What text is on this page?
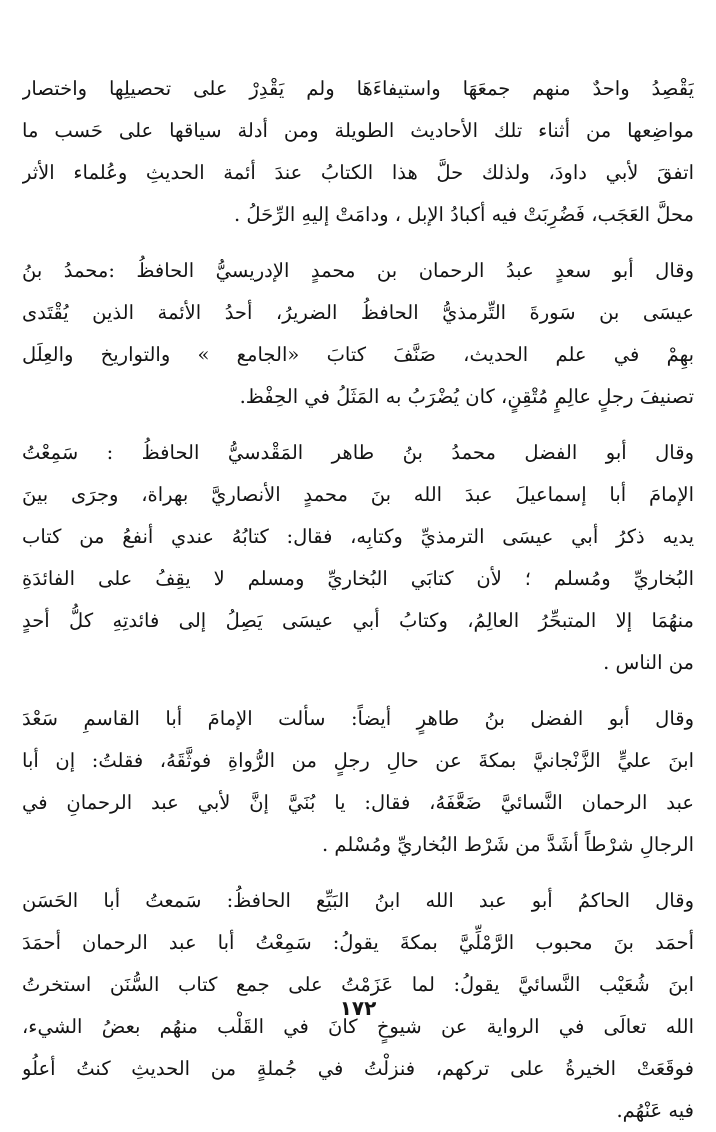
يَقْصِدُ واحدٌ منهم جمعَهَا واستيفاءَهَا ولم يَقْدِرْ على تحصيلِها واختصار
مواضِعها من أثناء تلك الأحاديث الطويلة ومن أدلة سياقها على حَسب ما
اتفقَ لأبي داودَ، ولذلك حلَّ هذا الكتابُ عندَ أئمة الحديثِ وعُلماء الأثر
محلَّ العَجَب، فَضُرِبَتْ فيه أكبادُ الإبل ، ودامَتْ إليهِ الرِّحَلُ .
وقال أبو سعدٍ عبدُ الرحمان بن محمدٍ الإدريسيُّ الحافظُ :محمدُ بنُ
عيسَى بن سَورةَ التِّرمذيُّ الحافظُ الضريرُ، أحدُ الأئمة الذين يُقْتَدى
بهِمْ في علم الحديث، صَنَّفَ كتابَ «الجامع » والتواريخ والعِلَل
تصنيفَ رجلٍ عالِمٍ مُتْقِنٍ، كان يُضْرَبُ به المَثَلُ في الحِفْظ.
وقال أبو الفضل محمدُ بنُ طاهر المَقْدسيُّ الحافظُ : سَمِعْتُ
الإمامَ أبا إسماعيلَ عبدَ الله بنَ محمدٍ الأنصاريَّ بهراة، وجرَى بينَ
يديه ذكرُ أبي عيسَى الترمذيِّ وكتابِه، فقال: كتابُهُ عندي أنفعُ من كتاب
البُخاريِّ ومُسلم ؛ لأن كتابَي البُخاريِّ ومسلم لا يقِفُ على الفائدَةِ
منهُمَا إلا المتبحِّرُ العالِمُ، وكتابُ أبي عيسَى يَصِلُ إلى فائدتِهِ كلُّ أحدٍ
من الناس .
وقال أبو الفضل بنُ طاهرٍ أيضاً: سألت الإمامَ أبا القاسمِ سَعْدَ
ابنَ عليٍّ الزَّنْجانيَّ بمكةَ عن حالِ رجلٍ من الرُّواةِ فوثَّقَهُ، فقلتُ: إن أبا
عبد الرحمان النَّسائيَّ ضَعَّفَهُ، فقال: يا بُنَيَّ إنَّ لأبي عبد الرحمانِ في
الرجالِ شرْطاً أشَدَّ من شَرْط البُخاريِّ ومُسْلم .
وقال الحاكمُ أبو عبد الله ابنُ البَيِّع الحافظُ: سَمعتُ أبا الحَسَن
أحمَد بنَ محبوب الرَّمْلِّيَّ بمكةَ يقولُ: سَمِعْتُ أبا عبد الرحمان أحمَدَ
ابنَ شُعَيْب النَّسائيَّ يقولُ: لما عَزَمْتُ على جمع كتاب السُّنَن استخرتُ
الله تعالَى في الرواية عن شيوخٍ كانَ في القَلْب منهُم بعضُ الشيء،
فوقَعَتْ الخيرةُ على تركهم، فنزلْتُ في جُملةٍ من الحديثِ كنتُ أعلُو
فيه عَنْهُم.
١٧٢
